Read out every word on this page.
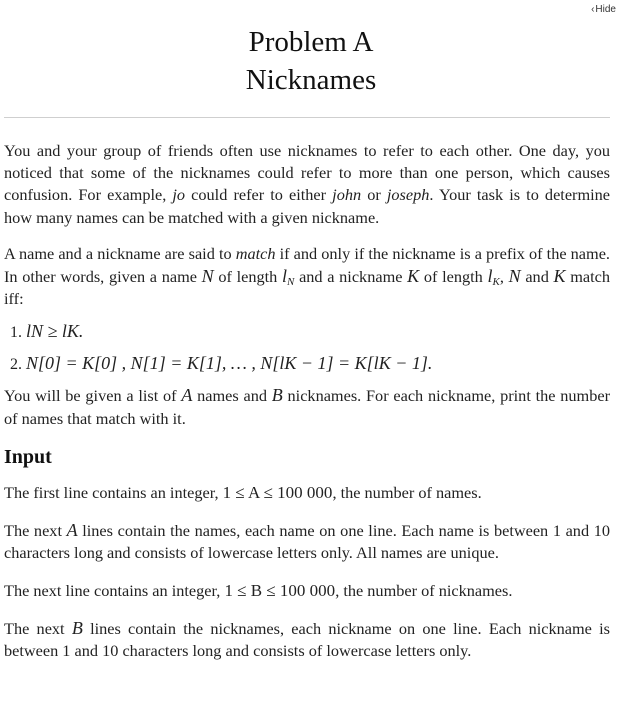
‹Hide
Problem A
Nicknames

You and your group of friends often use nicknames to refer to each other. One day, you noticed that some of the nicknames could refer to more than one person, which causes confusion. For example, jo could refer to either john or joseph. Your task is to determine how many names can be matched with a given nickname.

A name and a nickname are said to match if and only if the nickname is a prefix of the name. In other words, given a name N of length $l_N$ and a nickname K of length $l_K$, N and K match iff:

1. lN ≥ lK.
2. N[0] = K[0] , N[1] = K[1], … , N[lK − 1] = K[lK − 1].

You will be given a list of A names and B nicknames. For each nickname, print the number of names that match with it.

Input

The first line contains an integer, 1 ≤ A ≤ 100 000, the number of names.

The next A lines contain the names, each name on one line. Each name is between 1 and 10 characters long and consists of lowercase letters only. All names are unique.

The next line contains an integer, 1 ≤ B ≤ 100 000, the number of nicknames.

The next B lines contain the nicknames, each nickname on one line. Each nickname is between 1 and 10 characters long and consists of lowercase letters only.
